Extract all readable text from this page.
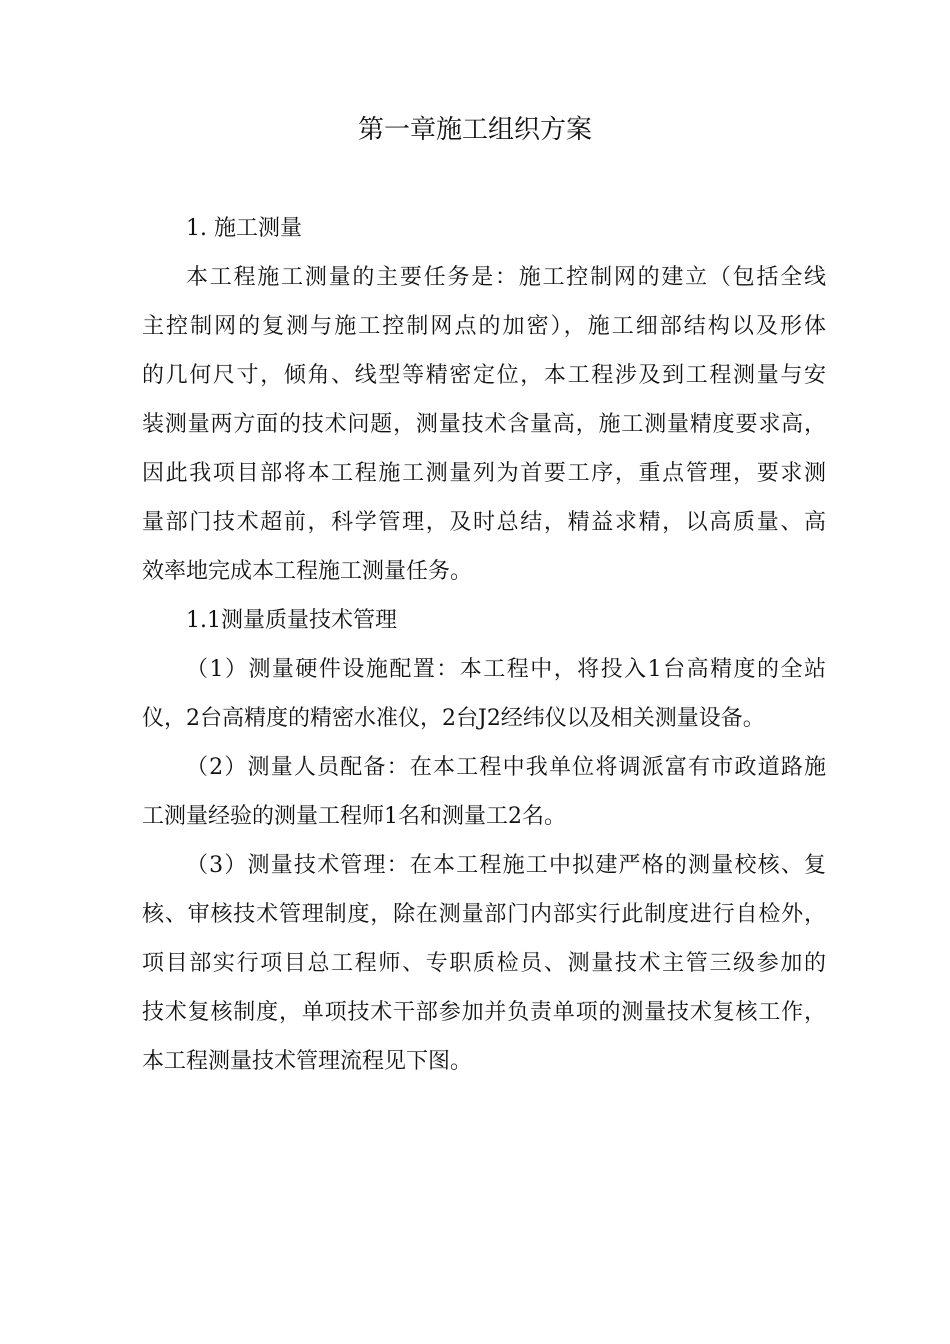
第一章施工组织方案
1. 施工测量
本工程施工测量的主要任务是：施工控制网的建立（包括全线
主控制网的复测与施工控制网点的加密），施工细部结构以及形体
的几何尺寸，倾角、线型等精密定位，本工程涉及到工程测量与安
装测量两方面的技术问题，测量技术含量高，施工测量精度要求高，
因此我项目部将本工程施工测量列为首要工序，重点管理，要求测
量部门技术超前，科学管理，及时总结，精益求精，以高质量、高
效率地完成本工程施工测量任务。
1.1测量质量技术管理
（1）测量硬件设施配置：本工程中，将投入1台高精度的全站
仪，2台高精度的精密水准仪，2台J2经纬仪以及相关测量设备。
（2）测量人员配备：在本工程中我单位将调派富有市政道路施
工测量经验的测量工程师1名和测量工2名。
（3）测量技术管理：在本工程施工中拟建严格的测量校核、复
核、审核技术管理制度，除在测量部门内部实行此制度进行自检外，
项目部实行项目总工程师、专职质检员、测量技术主管三级参加的
技术复核制度，单项技术干部参加并负责单项的测量技术复核工作，
本工程测量技术管理流程见下图。
